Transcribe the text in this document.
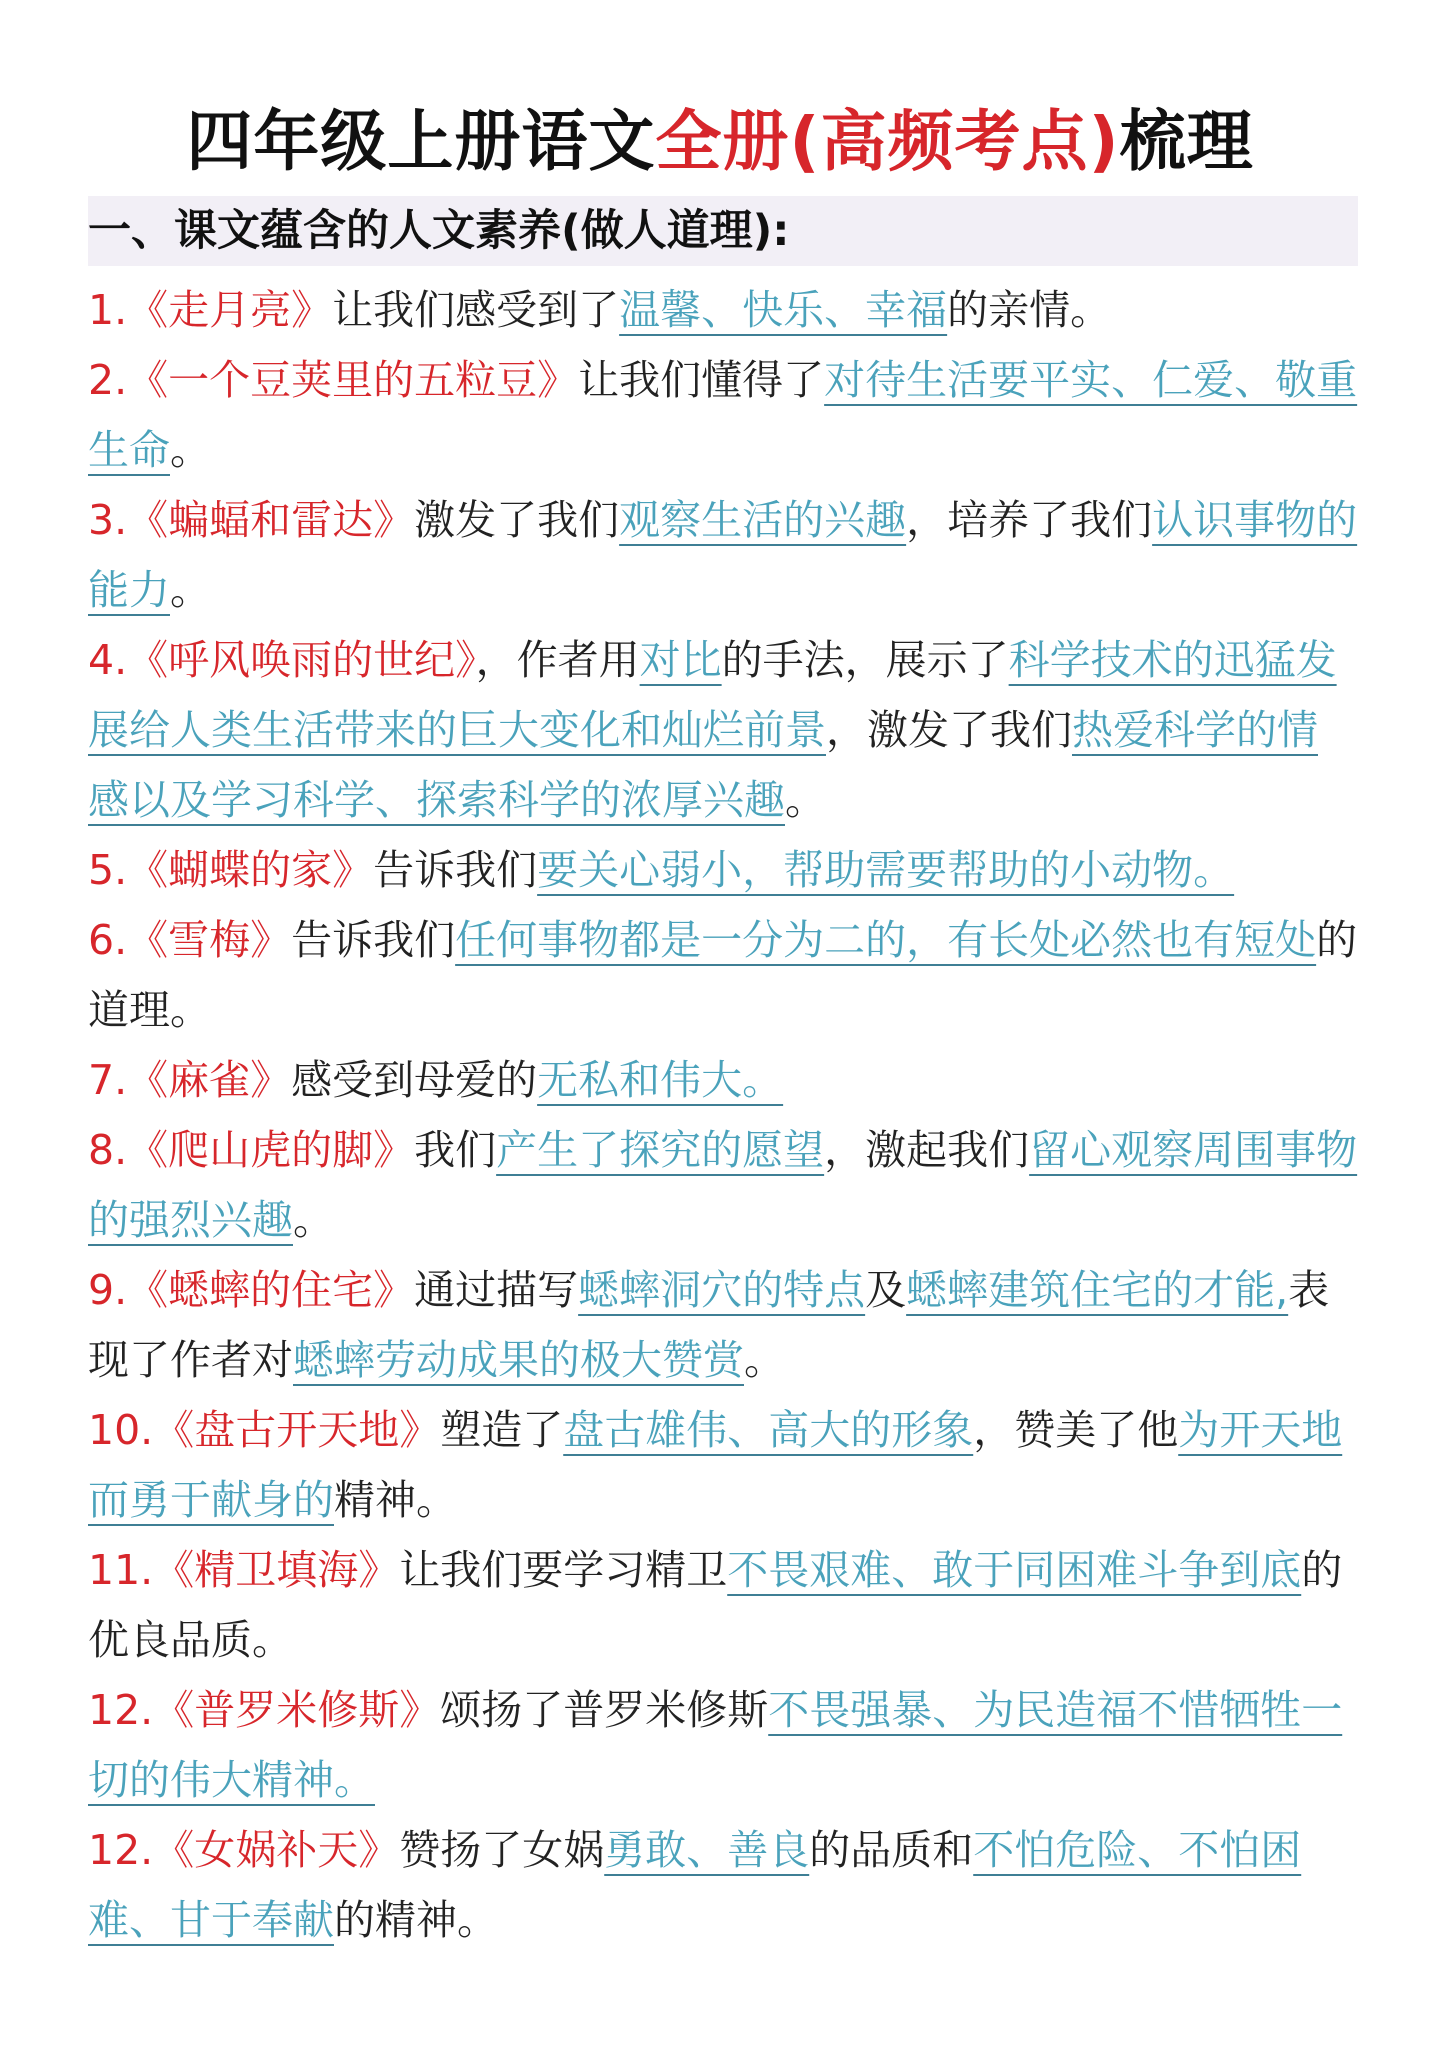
四年级上册语文全册(高频考点)梳理
一、课文蕴含的人文素养(做人道理):

1.《走月亮》让我们感受到了温馨、快乐、幸福的亲情。

2.《一个豆荚里的五粒豆》让我们懂得了对待生活要平实、仁爱、敬重生命。

3.《蝙蝠和雷达》激发了我们观察生活的兴趣，培养了我们认识事物的能力。

4.《呼风唤雨的世纪》，作者用对比的手法，展示了科学技术的迅猛发展给人类生活带来的巨大变化和灿烂前景，激发了我们热爱科学的情感以及学习科学、探索科学的浓厚兴趣。

5.《蝴蝶的家》告诉我们要关心弱小，帮助需要帮助的小动物。

6.《雪梅》告诉我们任何事物都是一分为二的，有长处必然也有短处的道理。

7.《麻雀》感受到母爱的无私和伟大。

8.《爬山虎的脚》我们产生了探究的愿望，激起我们留心观察周围事物的强烈兴趣。

9.《蟋蟀的住宅》通过描写蟋蟀洞穴的特点及蟋蟀建筑住宅的才能,表现了作者对蟋蟀劳动成果的极大赞赏。

10.《盘古开天地》塑造了盘古雄伟、高大的形象，赞美了他为开天地而勇于献身的精神。

11.《精卫填海》让我们要学习精卫不畏艰难、敢于同困难斗争到底的优良品质。

12.《普罗米修斯》颂扬了普罗米修斯不畏强暴、为民造福不惜牺牲一切的伟大精神。

12.《女娲补天》赞扬了女娲勇敢、善良的品质和不怕危险、不怕困难、甘于奉献的精神。
